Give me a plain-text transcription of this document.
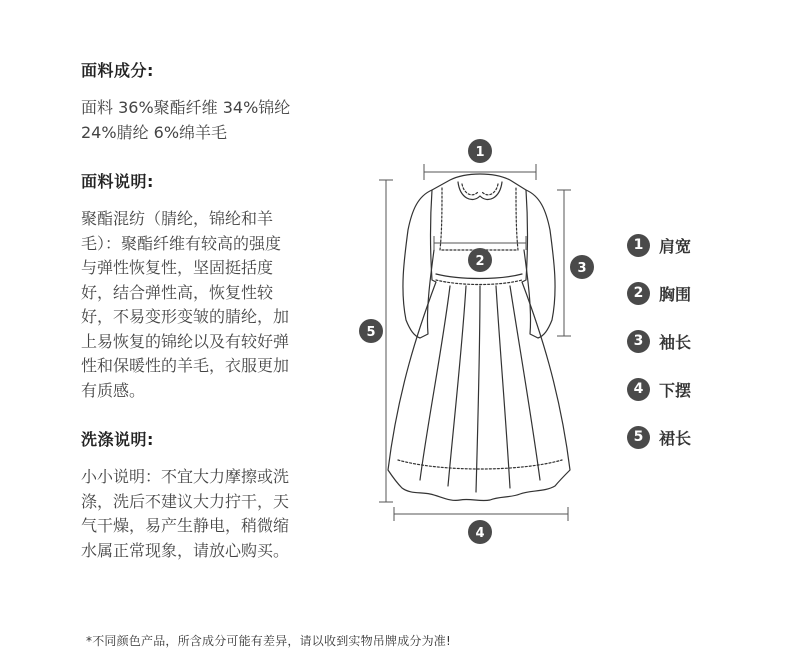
面料成分:

面料 36%聚酯纤维 34%锦纶
24%腈纶 6%绵羊毛

面料说明:

聚酯混纺（腈纶，锦纶和羊
毛）：聚酯纤维有较高的强度
与弹性恢复性，坚固挺括度
好，结合弹性高，恢复性较
好，不易变形变皱的腈纶，加
上易恢复的锦纶以及有较好弹
性和保暖性的羊毛，衣服更加
有质感。

洗涤说明:

小小说明：不宜大力摩擦或洗
涤，洗后不建议大力拧干，天
气干燥，易产生静电，稍微缩
水属正常现象，请放心购买。

1
2	3
4
5
1 肩宽
2 胸围
3 袖长
4 下摆
5 裙长
*不同颜色产品，所含成分可能有差异，请以收到实物吊牌成分为准!
